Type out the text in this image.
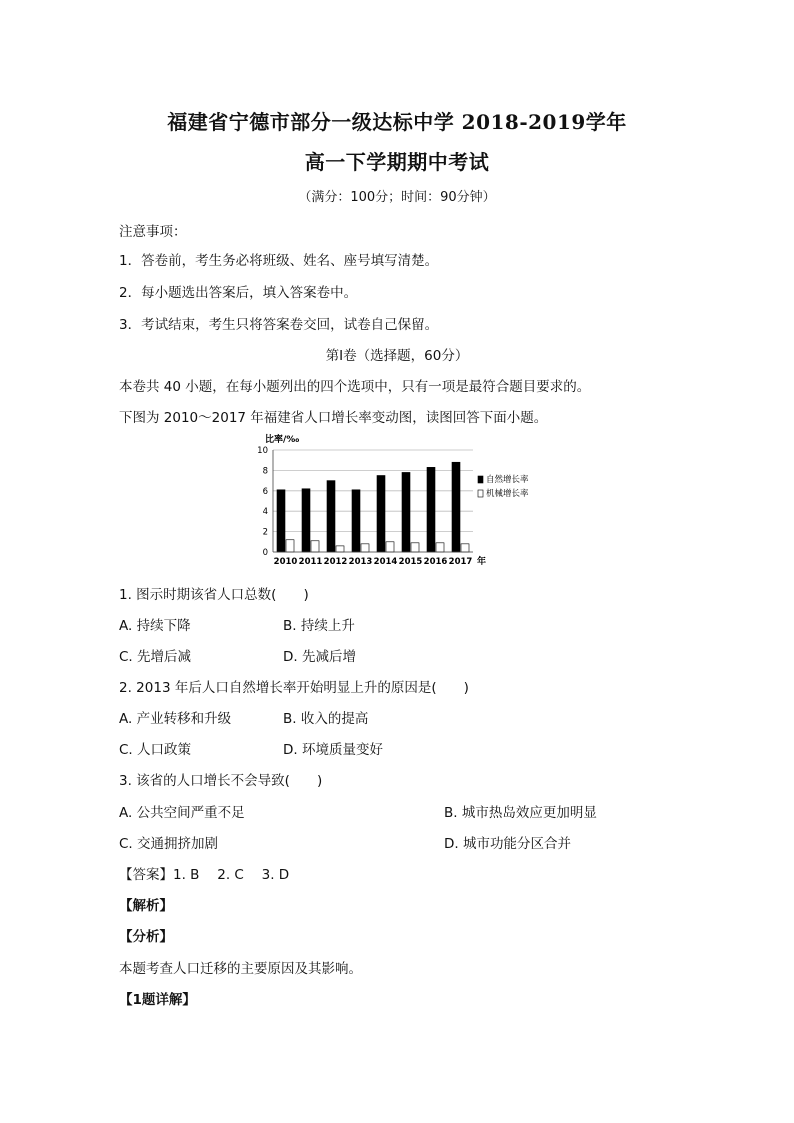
福建省宁德市部分一级达标中学 2018-2019学年
高一下学期期中考试
（满分：100分；时间：90分钟）
注意事项：
1．答卷前，考生务必将班级、姓名、座号填写清楚。
2．每小题选出答案后，填入答案卷中。
3．考试结束，考生只将答案卷交回，试卷自己保留。
第Ⅰ卷（选择题，60分）
本卷共 40 小题，在每小题列出的四个选项中，只有一项是最符合题目要求的。
下图为 2010～2017 年福建省人口增长率变动图，读图回答下面小题。
比率/‰
0
2
4
6
8
10
2010 2011 2012 2013 2014 2015 2016 2017 年
自然增长率
机械增长率
1. 图示时期该省人口总数(　　)
A. 持续下降	B. 持续上升
C. 先增后减	D. 先减后增
2. 2013 年后人口自然增长率开始明显上升的原因是(　　)
A. 产业转移和升级	B. 收入的提高
C. 人口政策	D. 环境质量变好
3. 该省的人口增长不会导致(　　)
A. 公共空间严重不足	B. 城市热岛效应更加明显
C. 交通拥挤加剧	D. 城市功能分区合并
【答案】1. B　 2. C　 3. D
【解析】
【分析】
本题考查人口迁移的主要原因及其影响。
【1题详解】
